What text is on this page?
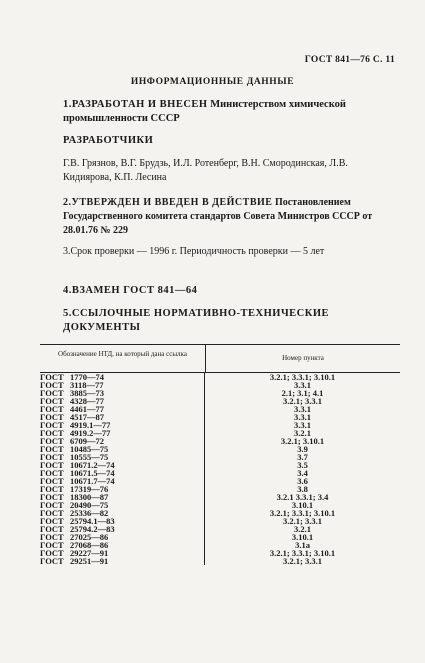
ГОСТ 841—76 С. 11
ИНФОРМАЦИОННЫЕ ДАННЫЕ
1.РАЗРАБОТАН И ВНЕСЕН Министерством химической промышленности СССР
РАЗРАБОТЧИКИ
Г.В. Грязнов, В.Г. Брудзь, И.Л. Ротенберг, В.Н. Смородинская, Л.В. Кидиярова, К.П. Лесина
2.УТВЕРЖДЕН И ВВЕДЕН В ДЕЙСТВИЕ Постановлением Государственного комитета стандартов Совета Министров СССР от 28.01.76 № 229
3.Срок проверки — 1996 г. Периодичность проверки — 5 лет
4.ВЗАМЕН ГОСТ 841—64
5.ССЫЛОЧНЫЕ НОРМАТИВНО-ТЕХНИЧЕСКИЕ ДОКУМЕНТЫ
Обозначение НТД, на который дана ссылка	Номер пункта
ГОСТ 1770—74	3.2.1; 3.3.1; 3.10.1
ГОСТ 3118—77	3.3.1
ГОСТ 3885—73	2.1; 3.1; 4.1
ГОСТ 4328—77	3.2.1; 3.3.1
ГОСТ 4461—77	3.3.1
ГОСТ 4517—87	3.3.1
ГОСТ 4919.1—77	3.3.1
ГОСТ 4919.2—77	3.2.1
ГОСТ 6709—72	3.2.1; 3.10.1
ГОСТ 10485—75	3.9
ГОСТ 10555—75	3.7
ГОСТ 10671.2—74	3.5
ГОСТ 10671.5—74	3.4
ГОСТ 10671.7—74	3.6
ГОСТ 17319—76	3.8
ГОСТ 18300—87	3.2.1 3.3.1; 3.4
ГОСТ 20490—75	3.10.1
ГОСТ 25336—82	3.2.1; 3.3.1; 3.10.1
ГОСТ 25794.1—83	3.2.1; 3.3.1
ГОСТ 25794.2—83	3.2.1
ГОСТ 27025—86	3.10.1
ГОСТ 27068—86	3.1а
ГОСТ 29227—91	3.2.1; 3.3.1; 3.10.1
ГОСТ 29251—91	3.2.1; 3.3.1
